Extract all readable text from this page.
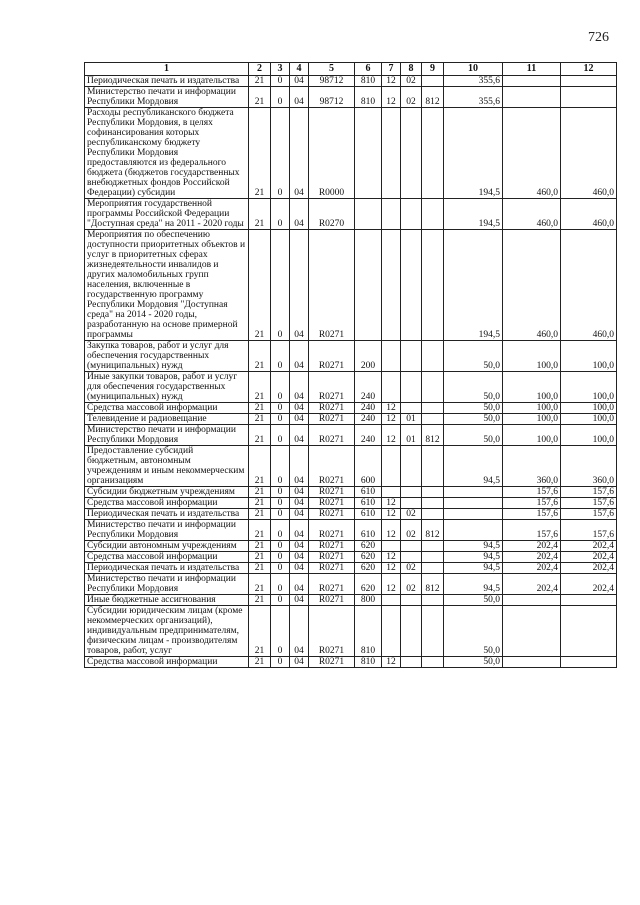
726
1	2	3	4	5	6	7	8	9	10	11	12
Периодическая печать и издательства	21	0	04	98712	810	12	02		355,6		
Министерство печати и информации Республики Мордовия	21	0	04	98712	810	12	02	812	355,6		
Расходы республиканского бюджета Республики Мордовия, в целях софинансирования которых республиканскому бюджету Республики Мордовия предоставляются из федерального бюджета (бюджетов государственных внебюджетных фондов Российской Федерации) субсидии	21	0	04	R0000					194,5	460,0	460,0
Мероприятия государственной программы Российской Федерации "Доступная среда" на 2011 - 2020 годы	21	0	04	R0270					194,5	460,0	460,0
Мероприятия по обеспечению доступности приоритетных объектов и услуг в приоритетных сферах жизнедеятельности инвалидов и других маломобильных групп населения, включенные в государственную программу Республики Мордовия "Доступная среда" на 2014 - 2020 годы, разработанную на основе примерной программы	21	0	04	R0271					194,5	460,0	460,0
Закупка товаров, работ и услуг для обеспечения государственных (муниципальных) нужд	21	0	04	R0271	200				50,0	100,0	100,0
Иные закупки товаров, работ и услуг для обеспечения государственных (муниципальных) нужд	21	0	04	R0271	240				50,0	100,0	100,0
Средства массовой информации	21	0	04	R0271	240	12			50,0	100,0	100,0
Телевидение и радиовещание	21	0	04	R0271	240	12	01		50,0	100,0	100,0
Министерство печати и информации Республики Мордовия	21	0	04	R0271	240	12	01	812	50,0	100,0	100,0
Предоставление субсидий бюджетным, автономным учреждениям и иным некоммерческим организациям	21	0	04	R0271	600				94,5	360,0	360,0
Субсидии бюджетным учреждениям	21	0	04	R0271	610					157,6	157,6
Средства массовой информации	21	0	04	R0271	610	12				157,6	157,6
Периодическая печать и издательства	21	0	04	R0271	610	12	02			157,6	157,6
Министерство печати и информации Республики Мордовия	21	0	04	R0271	610	12	02	812		157,6	157,6
Субсидии автономным учреждениям	21	0	04	R0271	620				94,5	202,4	202,4
Средства массовой информации	21	0	04	R0271	620	12			94,5	202,4	202,4
Периодическая печать и издательства	21	0	04	R0271	620	12	02		94,5	202,4	202,4
Министерство печати и информации Республики Мордовия	21	0	04	R0271	620	12	02	812	94,5	202,4	202,4
Иные бюджетные ассигнования	21	0	04	R0271	800				50,0		
Субсидии юридическим лицам (кроме некоммерческих организаций), индивидуальным предпринимателям, физическим лицам - производителям товаров, работ, услуг	21	0	04	R0271	810				50,0		
Средства массовой информации	21	0	04	R0271	810	12			50,0		
